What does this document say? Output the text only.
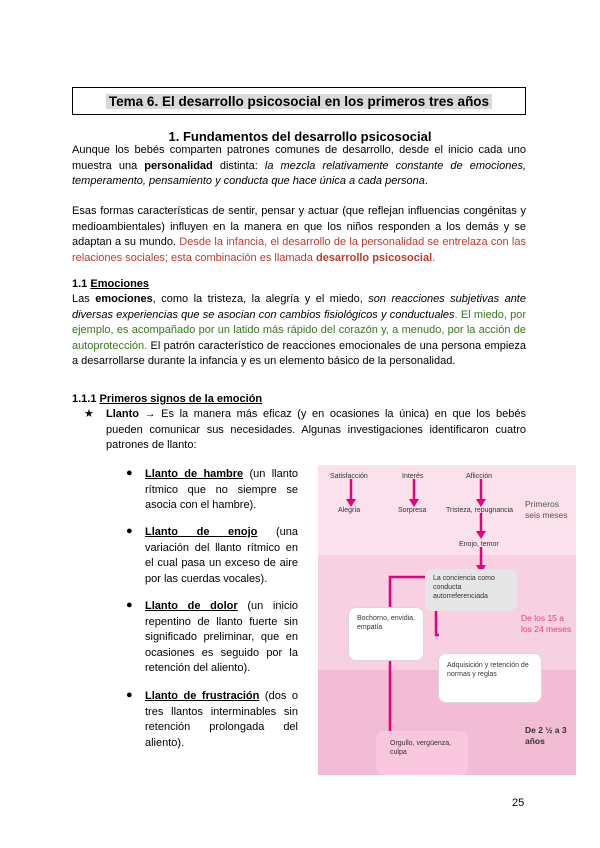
Tema 6. El desarrollo psicosocial en los primeros tres años
1. Fundamentos del desarrollo psicosocial
Aunque los bebés comparten patrones comunes de desarrollo, desde el inicio cada uno muestra una personalidad distinta: la mezcla relativamente constante de emociones, temperamento, pensamiento y conducta que hace única a cada persona.
Esas formas características de sentir, pensar y actuar (que reflejan influencias congénitas y medioambientales) influyen en la manera en que los niños responden a los demás y se adaptan a su mundo. Desde la infancia, el desarrollo de la personalidad se entrelaza con las relaciones sociales; esta combinación es llamada desarrollo psicosocial.
1.1 Emociones
Las emociones, como la tristeza, la alegría y el miedo, son reacciones subjetivas ante diversas experiencias que se asocian con cambios fisiológicos y conductuales. El miedo, por ejemplo, es acompañado por un latido más rápido del corazón y, a menudo, por la acción de autoprotección. El patrón característico de reacciones emocionales de una persona empieza a desarrollarse durante la infancia y es un elemento básico de la personalidad.
1.1.1 Primeros signos de la emoción
★ Llanto → Es la manera más eficaz (y en ocasiones la única) en que los bebés pueden comunicar sus necesidades. Algunas investigaciones identificaron cuatro patrones de llanto:
● Llanto de hambre (un llanto rítmico que no siempre se asocia con el hambre).
● Llanto de enojo (una variación del llanto rítmico en el cual pasa un exceso de aire por las cuerdas vocales).
● Llanto de dolor (un inicio repentino de llanto fuerte sin significado preliminar, que en ocasiones es seguido por la retención del aliento).
● Llanto de frustración (dos o tres llantos interminables sin retención prolongada del aliento).
Satisfacción	Interés	Aflicción
Alegría	Sorpresa	Tristeza, repugnancia
Enojo, temor
La conciencia como conducta autorreferenciada
Bochorno, envidia, empatía
Adquisición y retención de normas y reglas
Orgullo, vergüenza, culpa
Primeros seis meses
De los 15 a los 24 meses
De 2 ½ a 3 años
25
